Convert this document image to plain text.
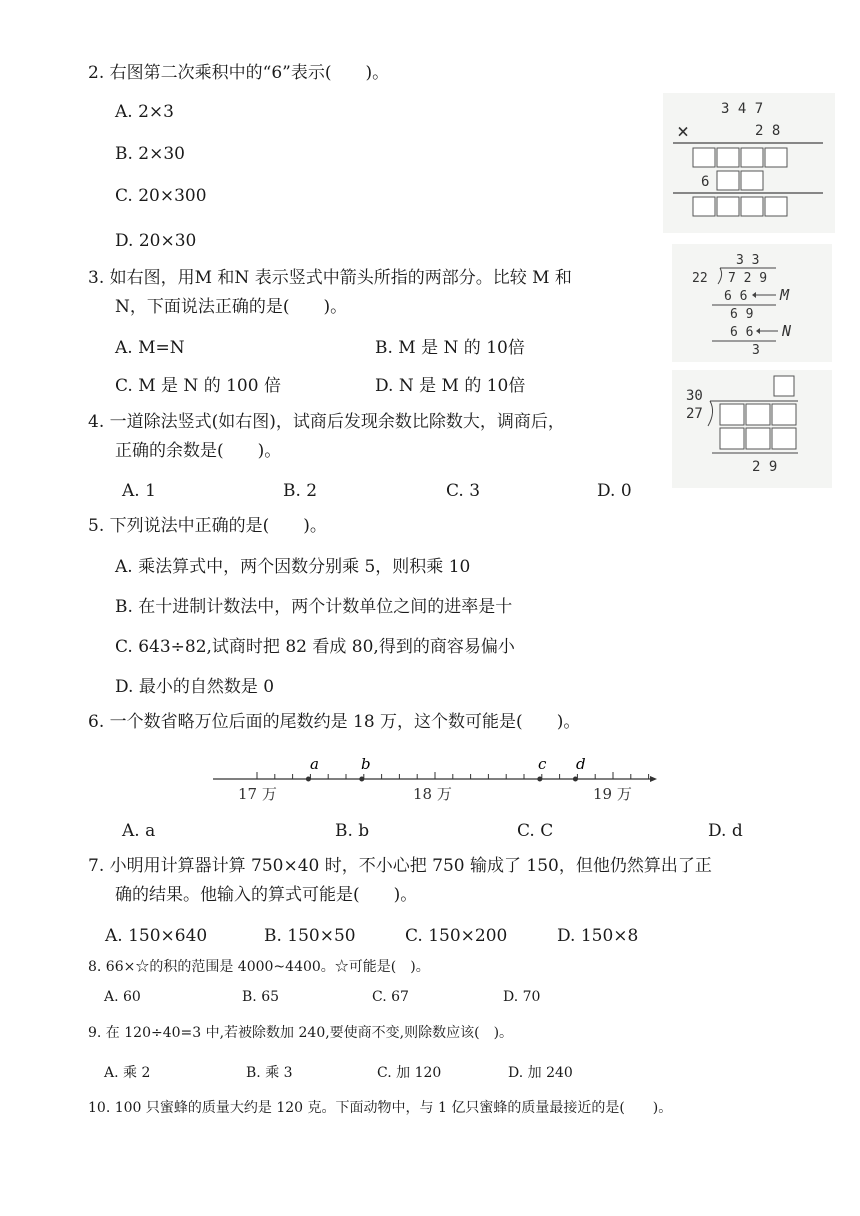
2. 右图第二次乘积中的“6”表示(　　)。
A. 2×3
B. 2×30
C. 20×300
D. 20×30
3. 如右图，用M 和N 表示竖式中箭头所指的两部分。比较 M 和
N，下面说法正确的是(　　)。
A. M=N	B. M 是 N 的 10倍
C. M 是 N 的 100 倍	D. N 是 M 的 10倍
4. 一道除法竖式(如右图)，试商后发现余数比除数大，调商后，
正确的余数是(　　)。
A. 1	B. 2	C. 3	D. 0
5. 下列说法中正确的是(　　)。
A. 乘法算式中，两个因数分别乘 5，则积乘 10
B. 在十进制计数法中，两个计数单位之间的进率是十
C. 643÷82,试商时把 82 看成 80,得到的商容易偏小
D. 最小的自然数是 0
6. 一个数省略万位后面的尾数约是 18 万，这个数可能是(　　)。
a	b	c d
17 万	18 万	19 万
A. a	B. b	C. C	D. d
7. 小明用计算器计算 750×40 时，不小心把 750 输成了 150，但他仍然算出了正
确的结果。他输入的算式可能是(　　)。
A. 150×640	B. 150×50	C. 150×200	D. 150×8
8. 66×☆的积的范围是 4000~4400。☆可能是(　)。
A. 60	B. 65	C. 67	D. 70
9. 在 120÷40=3 中,若被除数加 240,要使商不变,则除数应该(　)。
A. 乘 2	B. 乘 3	C. 加 120	D. 加 240
10. 100 只蜜蜂的质量大约是 120 克。下面动物中，与 1 亿只蜜蜂的质量最接近的是(　　)。
3 4 7
×	2 8
6
3 3
22 7 2 9
6 6 M
6 9
6 6 N
3
30
27
2 9
